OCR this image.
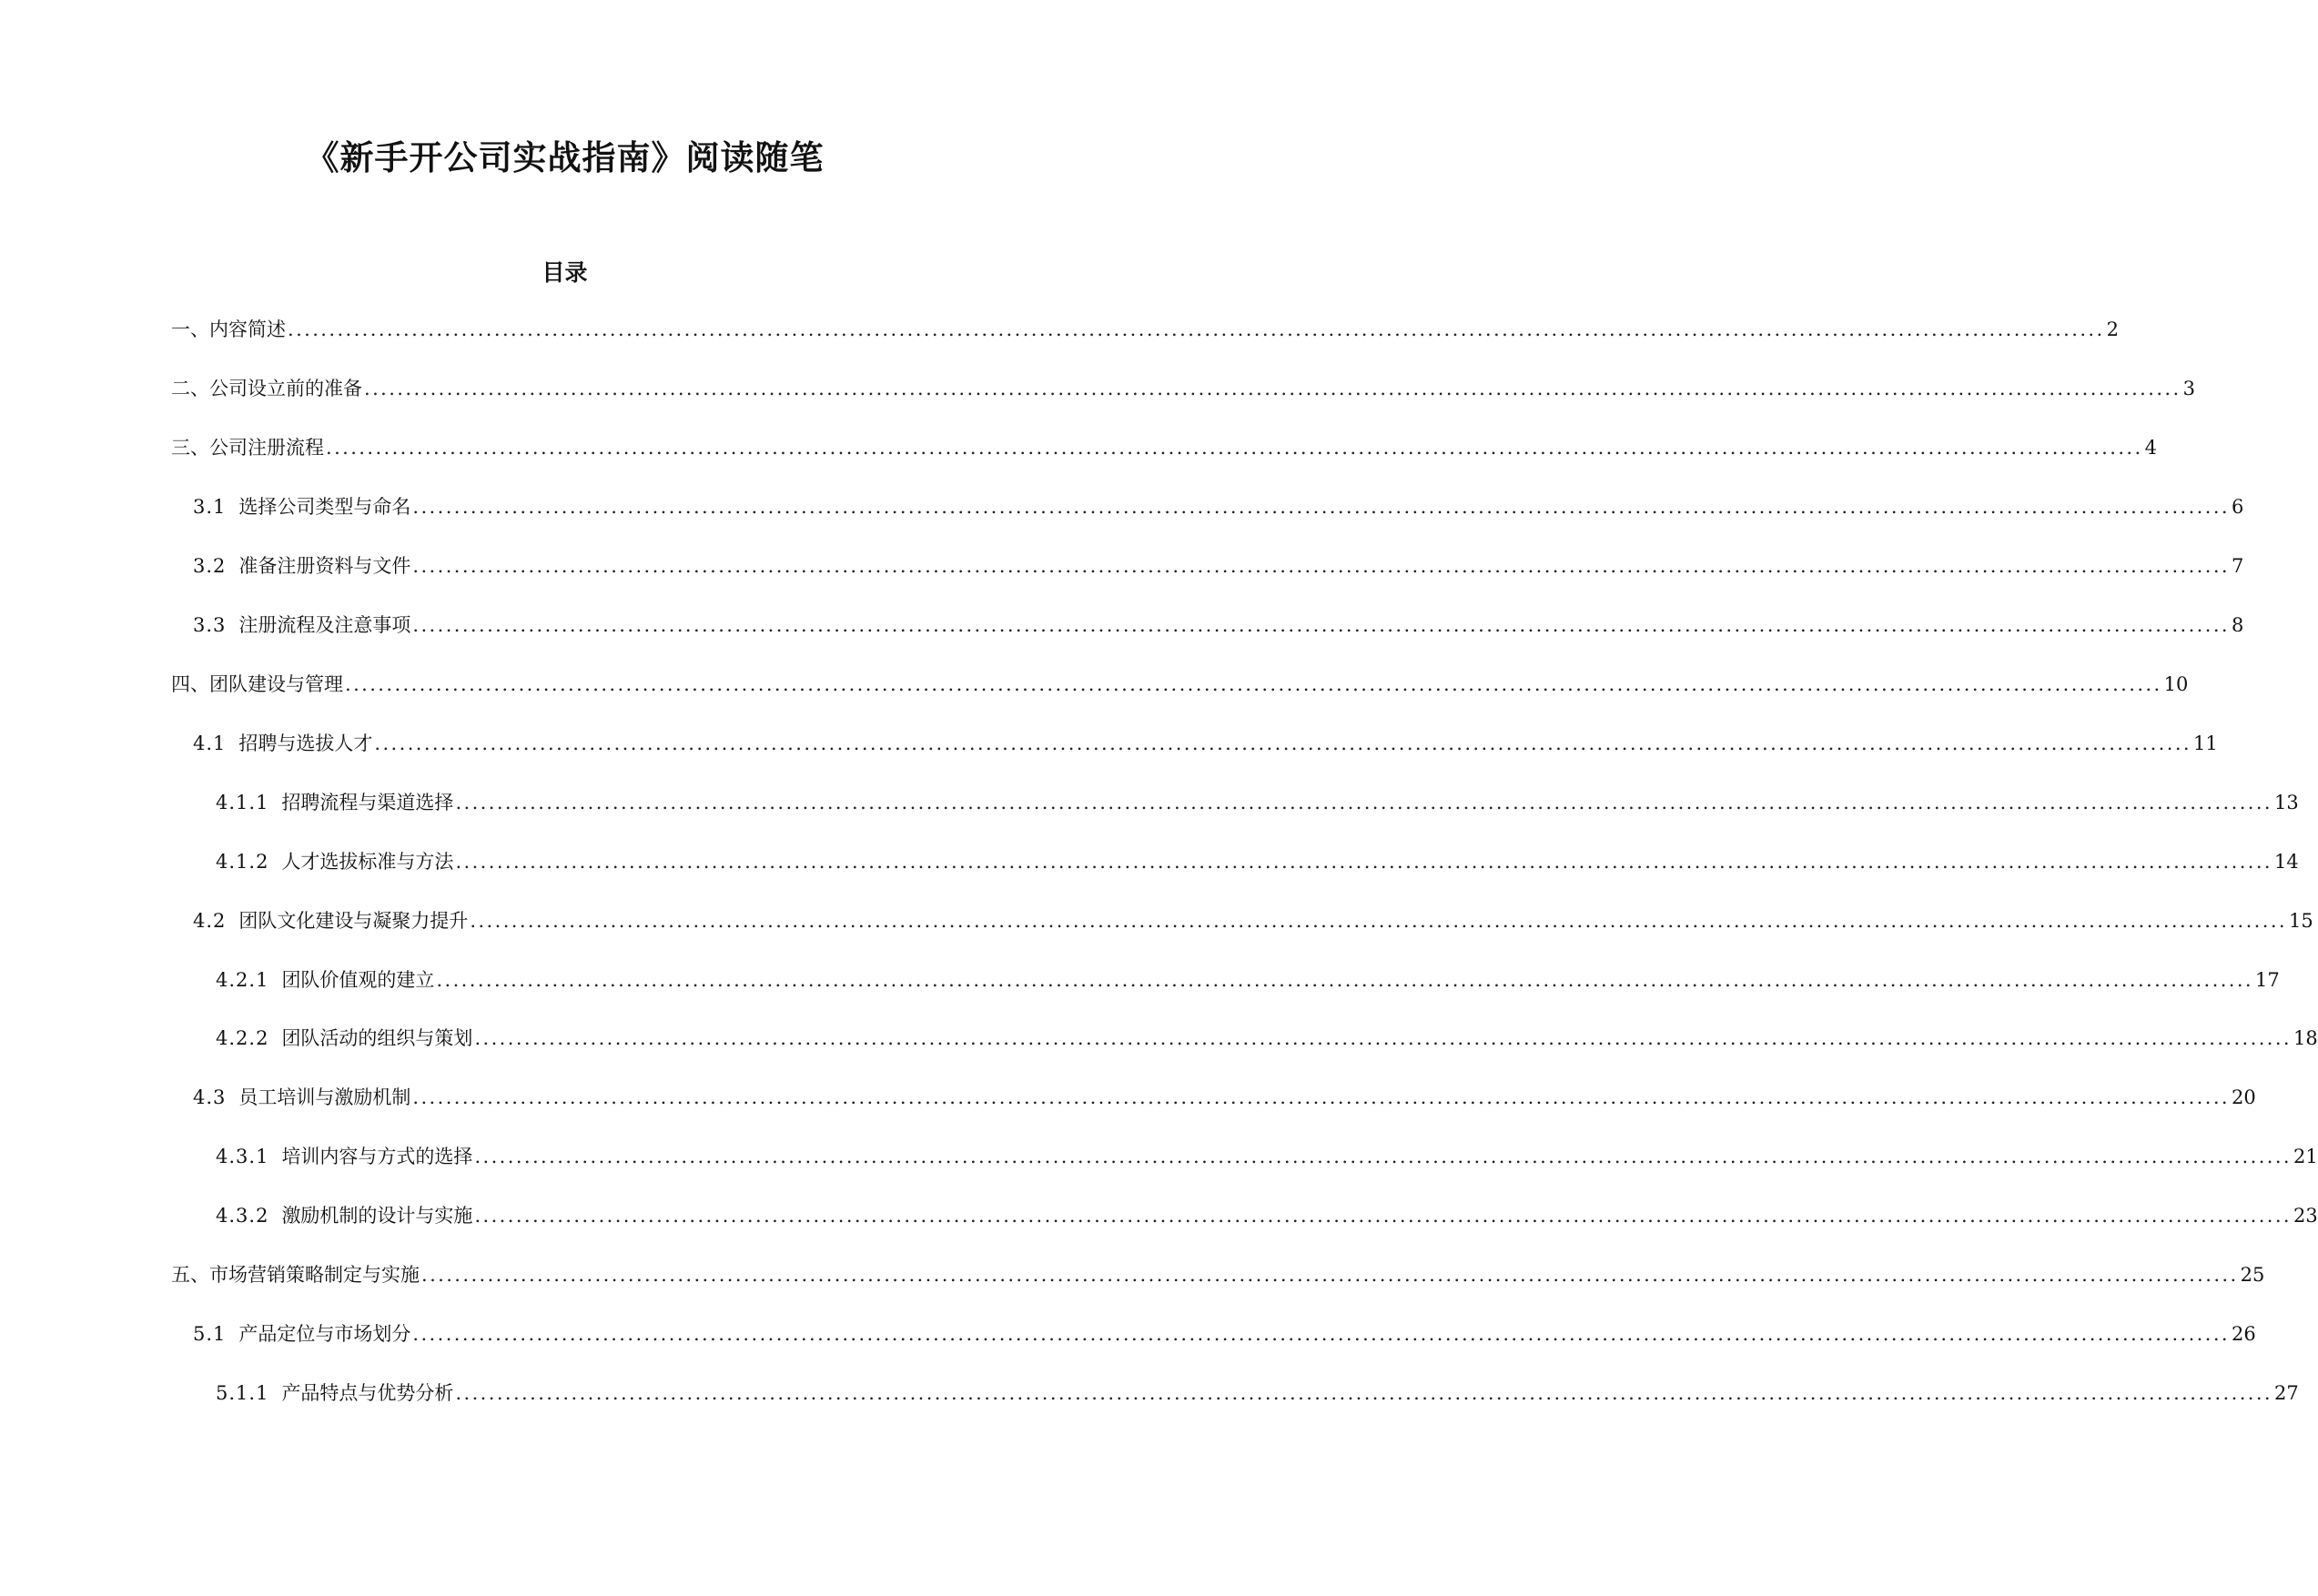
《新手开公司实战指南》阅读随笔
目录
一、内容简述 ............................................................................................................................................................................................................................ 2
二、公司设立前的准备 ............................................................................................................................................................................................................................ 3
三、公司注册流程 ............................................................................................................................................................................................................................ 4
3.1 选择公司类型与命名 ............................................................................................................................................................................................................................ 6
3.2 准备注册资料与文件 ............................................................................................................................................................................................................................ 7
3.3 注册流程及注意事项 ............................................................................................................................................................................................................................ 8
四、团队建设与管理 ............................................................................................................................................................................................................................ 10
4.1 招聘与选拔人才 ............................................................................................................................................................................................................................ 11
4.1.1 招聘流程与渠道选择 ............................................................................................................................................................................................................................ 13
4.1.2 人才选拔标准与方法 ............................................................................................................................................................................................................................ 14
4.2 团队文化建设与凝聚力提升 ............................................................................................................................................................................................................................ 15
4.2.1 团队价值观的建立 ............................................................................................................................................................................................................................ 17
4.2.2 团队活动的组织与策划 ............................................................................................................................................................................................................................ 18
4.3 员工培训与激励机制 ............................................................................................................................................................................................................................ 20
4.3.1 培训内容与方式的选择 ............................................................................................................................................................................................................................ 21
4.3.2 激励机制的设计与实施 ............................................................................................................................................................................................................................ 23
五、市场营销策略制定与实施 ............................................................................................................................................................................................................................ 25
5.1 产品定位与市场划分 ............................................................................................................................................................................................................................ 26
5.1.1 产品特点与优势分析 ............................................................................................................................................................................................................................ 27
